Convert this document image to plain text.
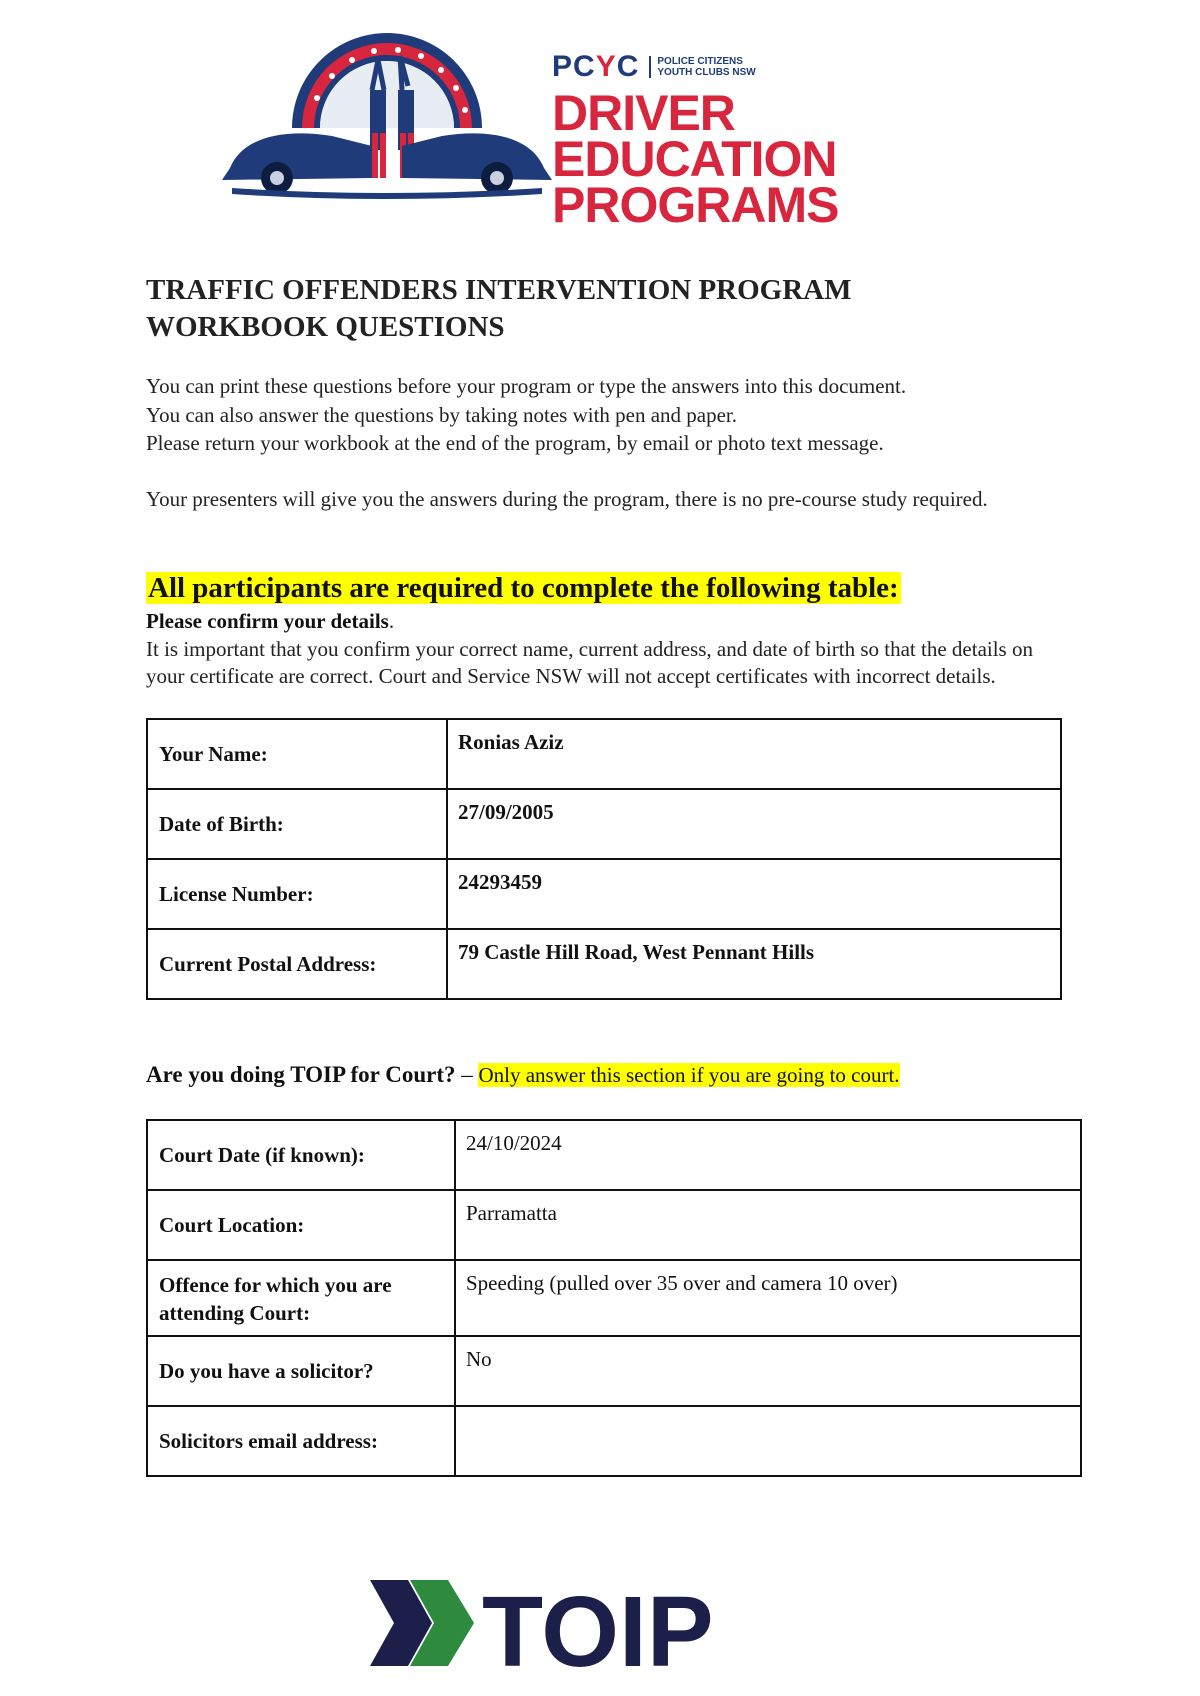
PCYC	POLICE CITIZENS YOUTH CLUBS NSW
DRIVER EDUCATION
PROGRAMS
TRAFFIC OFFENDERS INTERVENTION PROGRAM
WORKBOOK QUESTIONS

You can print these questions before your program or type the answers into this document.

You can also answer the questions by taking notes with pen and paper.

Please return your workbook at the end of the program, by email or photo text message.

Your presenters will give you the answers during the program, there is no pre-course study required.

All participants are required to complete the following table:
Please confirm your details.
It is important that you confirm your correct name, current address, and date of birth so that the details on your certificate are correct. Court and Service NSW will not accept certificates with incorrect details.
Your Name:	Ronias Aziz
Date of Birth:	27/09/2005
License Number:	24293459
Current Postal Address:	79 Castle Hill Road, West Pennant Hills
Are you doing TOIP for Court? – Only answer this section if you are going to court.
Court Date (if known):	24/10/2024
Court Location:	Parramatta
Offence for which you are attending Court:	Speeding (pulled over 35 over and camera 10 over)
Do you have a solicitor?	No
Solicitors email address:	
TOIP
